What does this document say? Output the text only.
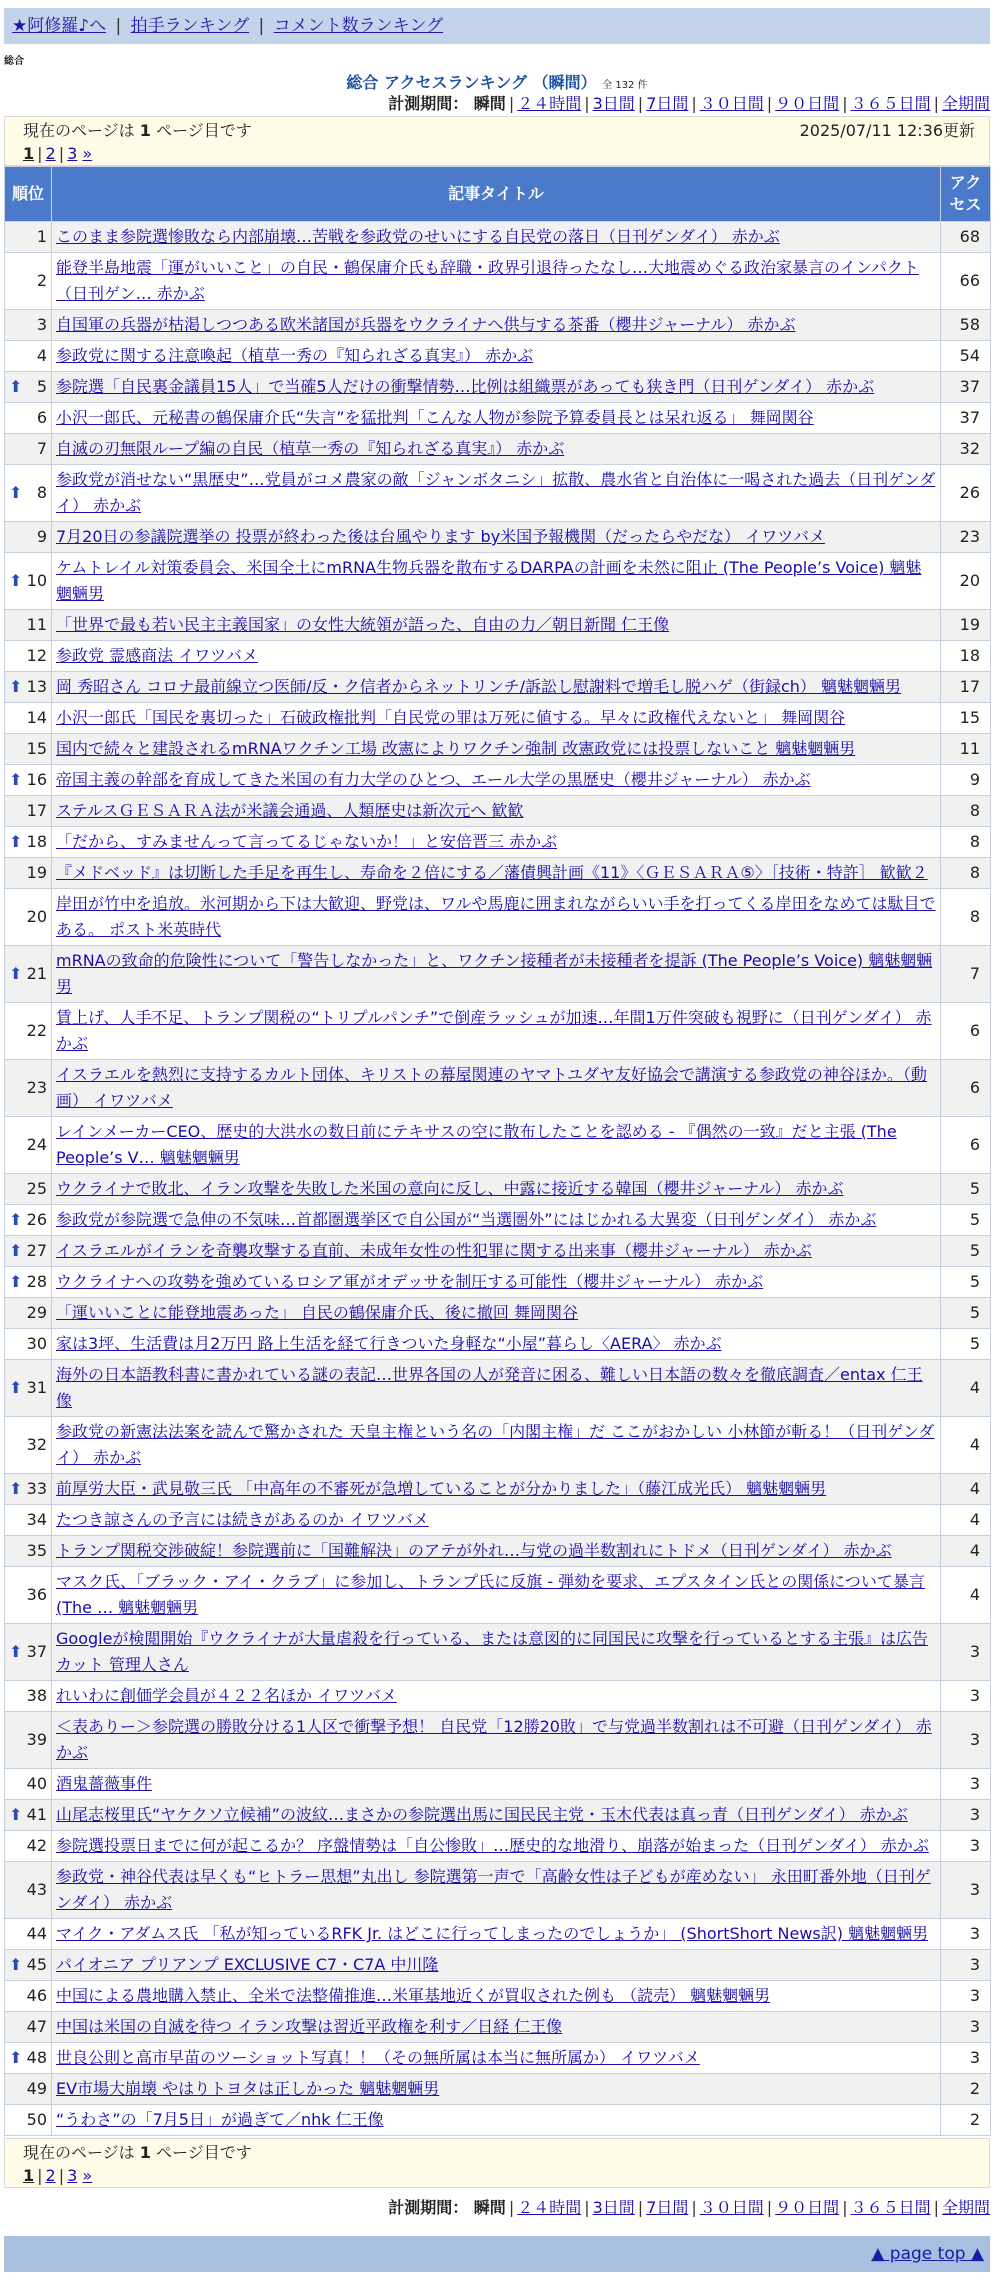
★阿修羅♪へ | 拍手ランキング | コメント数ランキング
総合
総合 アクセスランキング （瞬間） 全 132 件
計測期間： 瞬間 | ２４時間 | 3日間 | 7日間 | ３０日間 | ９０日間 | ３６５日間 | 全期間
現在のページは 1 ページ目です	2025/07/11 12:36更新
1 | 2 | 3 »
順位	記事タイトル	アクセス
1	このまま参院選惨敗なら内部崩壊…苦戦を参政党のせいにする自民党の落日（日刊ゲンダイ） 赤かぶ	68
2	能登半島地震「運がいいこと」の自民・鶴保庸介氏も辞職・政界引退待ったなし…大地震めぐる政治家暴言のインパクト（日刊ゲン… 赤かぶ	66
3	自国軍の兵器が枯渇しつつある欧米諸国が兵器をウクライナへ供与する茶番（櫻井ジャーナル） 赤かぶ	58
4	参政党に関する注意喚起（植草一秀の『知られざる真実』） 赤かぶ	54

⬆ 5	参院選「自民裏金議員15人」で当確5人だけの衝撃情勢…比例は組織票があっても狭き門（日刊ゲンダイ） 赤かぶ	37
6	小沢一郎氏、元秘書の鶴保庸介氏“失言”を猛批判「こんな人物が参院予算委員長とは呆れ返る」 舞岡関谷	37
7	自滅の刃無限ループ編の自民（植草一秀の『知られざる真実』） 赤かぶ	32

⬆ 8	参政党が消せない“黒歴史”…党員がコメ農家の敵「ジャンボタニシ」拡散、農水省と自治体に一喝された過去（日刊ゲンダイ） 赤かぶ	26
9	7月20日の参議院選挙の 投票が終わった後は台風やります by米国予報機関（だったらやだな） イワツバメ	23

⬆ 10	ケムトレイル対策委員会、米国全土にmRNA生物兵器を散布するDARPAの計画を未然に阻止 (The People’s Voice) 魑魅魍魎男	20
11	「世界で最も若い民主主義国家」の女性大統領が語った、自由の力／朝日新聞 仁王像	19
12	参政党 霊感商法 イワツバメ	18

⬆ 13	岡 秀昭さん コロナ最前線立つ医師/反・ク信者からネットリンチ/訴訟し慰謝料で増毛し脱ハゲ（街録ch） 魑魅魍魎男	17
14	小沢一郎氏「国民を裏切った」石破政権批判「自民党の罪は万死に値する。早々に政権代えないと」 舞岡関谷	15
15	国内で続々と建設されるmRNAワクチン工場 改憲によりワクチン強制 改憲政党には投票しないこと 魑魅魍魎男	11

⬆ 16	帝国主義の幹部を育成してきた米国の有力大学のひとつ、エール大学の黒歴史（櫻井ジャーナル） 赤かぶ	9
17	ステルスＧＥＳＡＲＡ法が米議会通過、人類歴史は新次元へ 歓歓	8

⬆ 18	「だから、すみませんって言ってるじゃないか！」と安倍晋三 赤かぶ	8
19	『メドベッド』は切断した手足を再生し、寿命を２倍にする／藩債興計画《11》〈ＧＥＳＡＲＡ⑤〉［技術・特許］ 歓歓２	8
20	岸田が竹中を追放。氷河期から下は大歓迎、野党は、ワルや馬鹿に囲まれながらいい手を打ってくる岸田をなめては駄目である。 ポスト米英時代	8

⬆ 21	mRNAの致命的危険性について「警告しなかった」と、ワクチン接種者が未接種者を提訴 (The People’s Voice) 魑魅魍魎男	7
22	賃上げ、人手不足、トランプ関税の“トリプルパンチ”で倒産ラッシュが加速…年間1万件突破も視野に（日刊ゲンダイ） 赤かぶ	6
23	イスラエルを熱烈に支持するカルト団体、キリストの幕屋関連のヤマトユダヤ友好協会で講演する参政党の神谷ほか。（動画） イワツバメ	6
24	レインメーカーCEO、歴史的大洪水の数日前にテキサスの空に散布したことを認める - 『偶然の一致』だと主張 (The People’s V… 魑魅魍魎男	6
25	ウクライナで敗北、イラン攻撃を失敗した米国の意向に反し、中露に接近する韓国（櫻井ジャーナル） 赤かぶ	5

⬆ 26	参政党が参院選で急伸の不気味…首都圏選挙区で自公国が“当選圏外”にはじかれる大異変（日刊ゲンダイ） 赤かぶ	5

⬆ 27	イスラエルがイランを奇襲攻撃する直前、未成年女性の性犯罪に関する出来事（櫻井ジャーナル） 赤かぶ	5

⬆ 28	ウクライナへの攻勢を強めているロシア軍がオデッサを制圧する可能性（櫻井ジャーナル） 赤かぶ	5
29	「運いいことに能登地震あった」 自民の鶴保庸介氏、後に撤回 舞岡関谷	5
30	家は3坪、生活費は月2万円 路上生活を経て行きついた身軽な“小屋”暮らし〈AERA〉 赤かぶ	5

⬆ 31	海外の日本語教科書に書かれている謎の表記…世界各国の人が発音に困る、難しい日本語の数々を徹底調査／entax 仁王像	4
32	参政党の新憲法法案を読んで驚かされた 天皇主権という名の「内閣主権」だ ここがおかしい 小林節が斬る！（日刊ゲンダイ） 赤かぶ	4

⬆ 33	前厚労大臣・武見敬三氏 「中高年の不審死が急増していることが分かりました」（藤江成光氏） 魑魅魍魎男	4
34	たつき諒さんの予言には続きがあるのか イワツバメ	4
35	トランプ関税交渉破綻！参院選前に「国難解決」のアテが外れ…与党の過半数割れにトドメ（日刊ゲンダイ） 赤かぶ	4
36	マスク氏、「ブラック・アイ・クラブ」に参加し、トランプ氏に反旗 - 弾劾を要求、エプスタイン氏との関係について暴言 (The … 魑魅魍魎男	4

⬆ 37	Googleが検閲開始『ウクライナが大量虐殺を行っている、または意図的に同国民に攻撃を行っているとする主張』は広告カット 管理人さん	3
38	れいわに創価学会員が４２２名ほか イワツバメ	3
39	＜表ありー＞参院選の勝敗分ける1人区で衝撃予想！ 自民党「12勝20敗」で与党過半数割れは不可避（日刊ゲンダイ） 赤かぶ	3
40	酒鬼薔薇事件	3

⬆ 41	山尾志桜里氏“ヤケクソ立候補”の波紋…まさかの参院選出馬に国民民主党・玉木代表は真っ青（日刊ゲンダイ） 赤かぶ	3
42	参院選投票日までに何が起こるか？ 序盤情勢は「自公惨敗」…歴史的な地滑り、崩落が始まった（日刊ゲンダイ） 赤かぶ	3
43	参政党・神谷代表は早くも“ヒトラー思想”丸出し 参院選第一声で「高齢女性は子どもが産めない」 永田町番外地（日刊ゲンダイ） 赤かぶ	3
44	マイク・アダムス氏 「私が知っているRFK Jr. はどこに行ってしまったのでしょうか」 (ShortShort News訳) 魑魅魍魎男	3

⬆ 45	パイオニア プリアンプ EXCLUSIVE C7・C7A 中川隆	3
46	中国による農地購入禁止、全米で法整備推進…米軍基地近くが買収された例も （読売） 魑魅魍魎男	3
47	中国は米国の自滅を待つ イラン攻撃は習近平政権を利す／日経 仁王像	3

⬆ 48	世良公則と高市早苗のツーショット写真！！（その無所属は本当に無所属か） イワツバメ	3
49	EV市場大崩壊 やはりトヨタは正しかった 魑魅魍魎男	2
50	“うわさ”の「7月5日」が過ぎて／nhk 仁王像	2
現在のページは 1 ページ目です
1 | 2 | 3 »
計測期間： 瞬間 | ２４時間 | 3日間 | 7日間 | ３０日間 | ９０日間 | ３６５日間 | 全期間
▲ page top ▲
